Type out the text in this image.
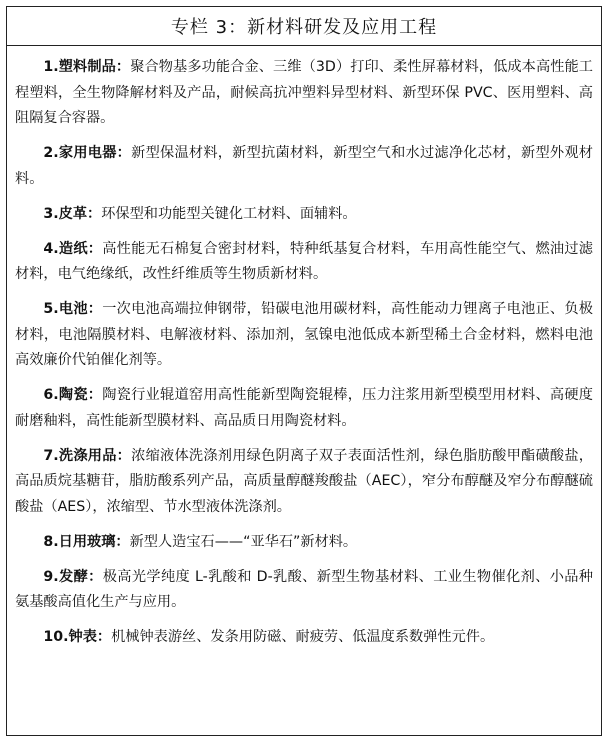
专栏 3：新材料研发及应用工程

1.塑料制品：聚合物基多功能合金、三维（3D）打印、柔性屏幕材料，低成本高性能工程塑料，全生物降解材料及产品，耐候高抗冲塑料异型材料、新型环保 PVC、医用塑料、高阻隔复合容器。

2.家用电器：新型保温材料，新型抗菌材料，新型空气和水过滤净化芯材，新型外观材料。

3.皮革：环保型和功能型关键化工材料、面辅料。

4.造纸：高性能无石棉复合密封材料，特种纸基复合材料，车用高性能空气、燃油过滤材料，电气绝缘纸，改性纤维质等生物质新材料。

5.电池：一次电池高端拉伸钢带，铅碳电池用碳材料，高性能动力锂离子电池正、负极材料，电池隔膜材料、电解液材料、添加剂，氢镍电池低成本新型稀土合金材料，燃料电池高效廉价代铂催化剂等。

6.陶瓷：陶瓷行业辊道窑用高性能新型陶瓷辊棒，压力注浆用新型模型用材料、高硬度耐磨釉料，高性能新型膜材料、高品质日用陶瓷材料。

7.洗涤用品：浓缩液体洗涤剂用绿色阴离子双子表面活性剂，绿色脂肪酸甲酯磺酸盐，高品质烷基糖苷，脂肪酸系列产品，高质量醇醚羧酸盐（AEC），窄分布醇醚及窄分布醇醚硫酸盐（AES），浓缩型、节水型液体洗涤剂。

8.日用玻璃：新型人造宝石——“亚华石”新材料。

9.发酵：极高光学纯度 L-乳酸和 D-乳酸、新型生物基材料、工业生物催化剂、小品种氨基酸高值化生产与应用。

10.钟表：机械钟表游丝、发条用防磁、耐疲劳、低温度系数弹性元件。
